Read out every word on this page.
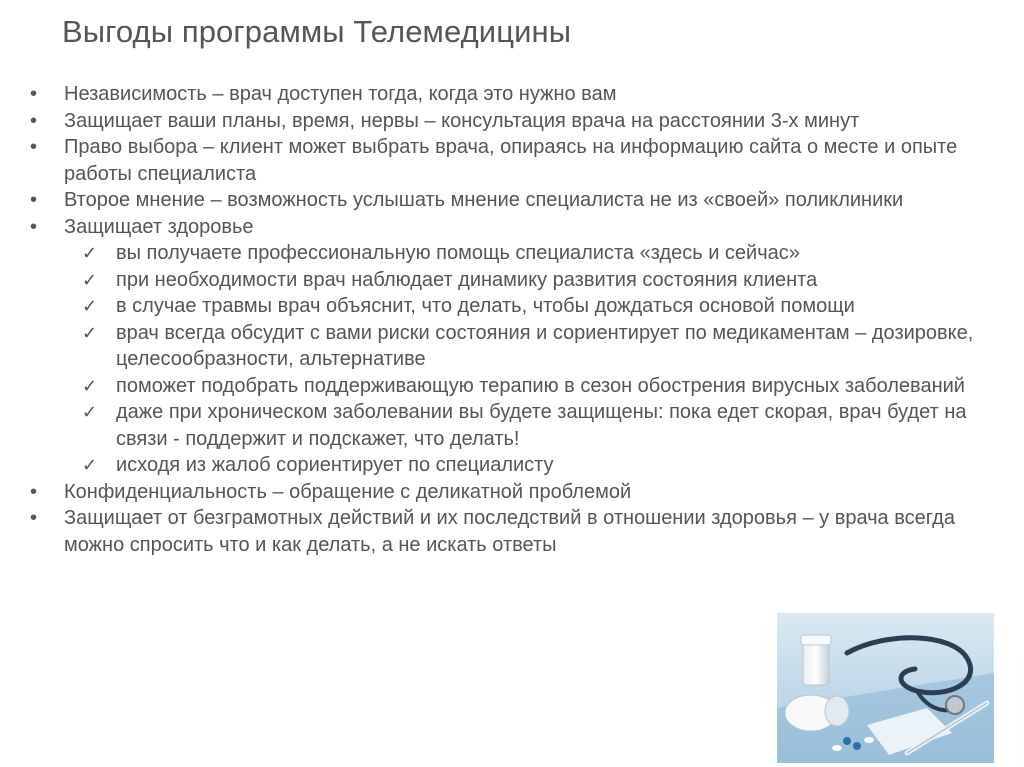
Выгоды программы Телемедицины
•	Независимость – врач доступен тогда, когда это нужно вам
•	Защищает ваши планы, время, нервы – консультация врача на расстоянии 3-х минут
•	Право выбора – клиент может выбрать врача, опираясь на информацию сайта о месте и опыте работы специалиста
•	Второе мнение – возможность услышать мнение специалиста не из «своей» поликлиники
•	Защищает здоровье
✓ вы получаете профессиональную помощь специалиста «здесь и сейчас»
✓ при необходимости врач наблюдает динамику развития состояния клиента
✓ в случае травмы врач объяснит, что делать, чтобы дождаться основой помощи
✓ врач всегда обсудит с вами риски состояния и сориентирует по медикаментам – дозировке, целесообразности, альтернативе
✓ поможет подобрать поддерживающую терапию в сезон обострения вирусных заболеваний
✓ даже при хроническом заболевании вы будете защищены: пока едет скорая, врач будет на связи - поддержит и подскажет, что делать!
✓ исходя из жалоб сориентирует по специалисту
•	Конфиденциальность – обращение с деликатной проблемой
•	Защищает от безграмотных действий и их последствий в отношении здоровья – у врача всегда можно спросить что и как делать, а не искать ответы
